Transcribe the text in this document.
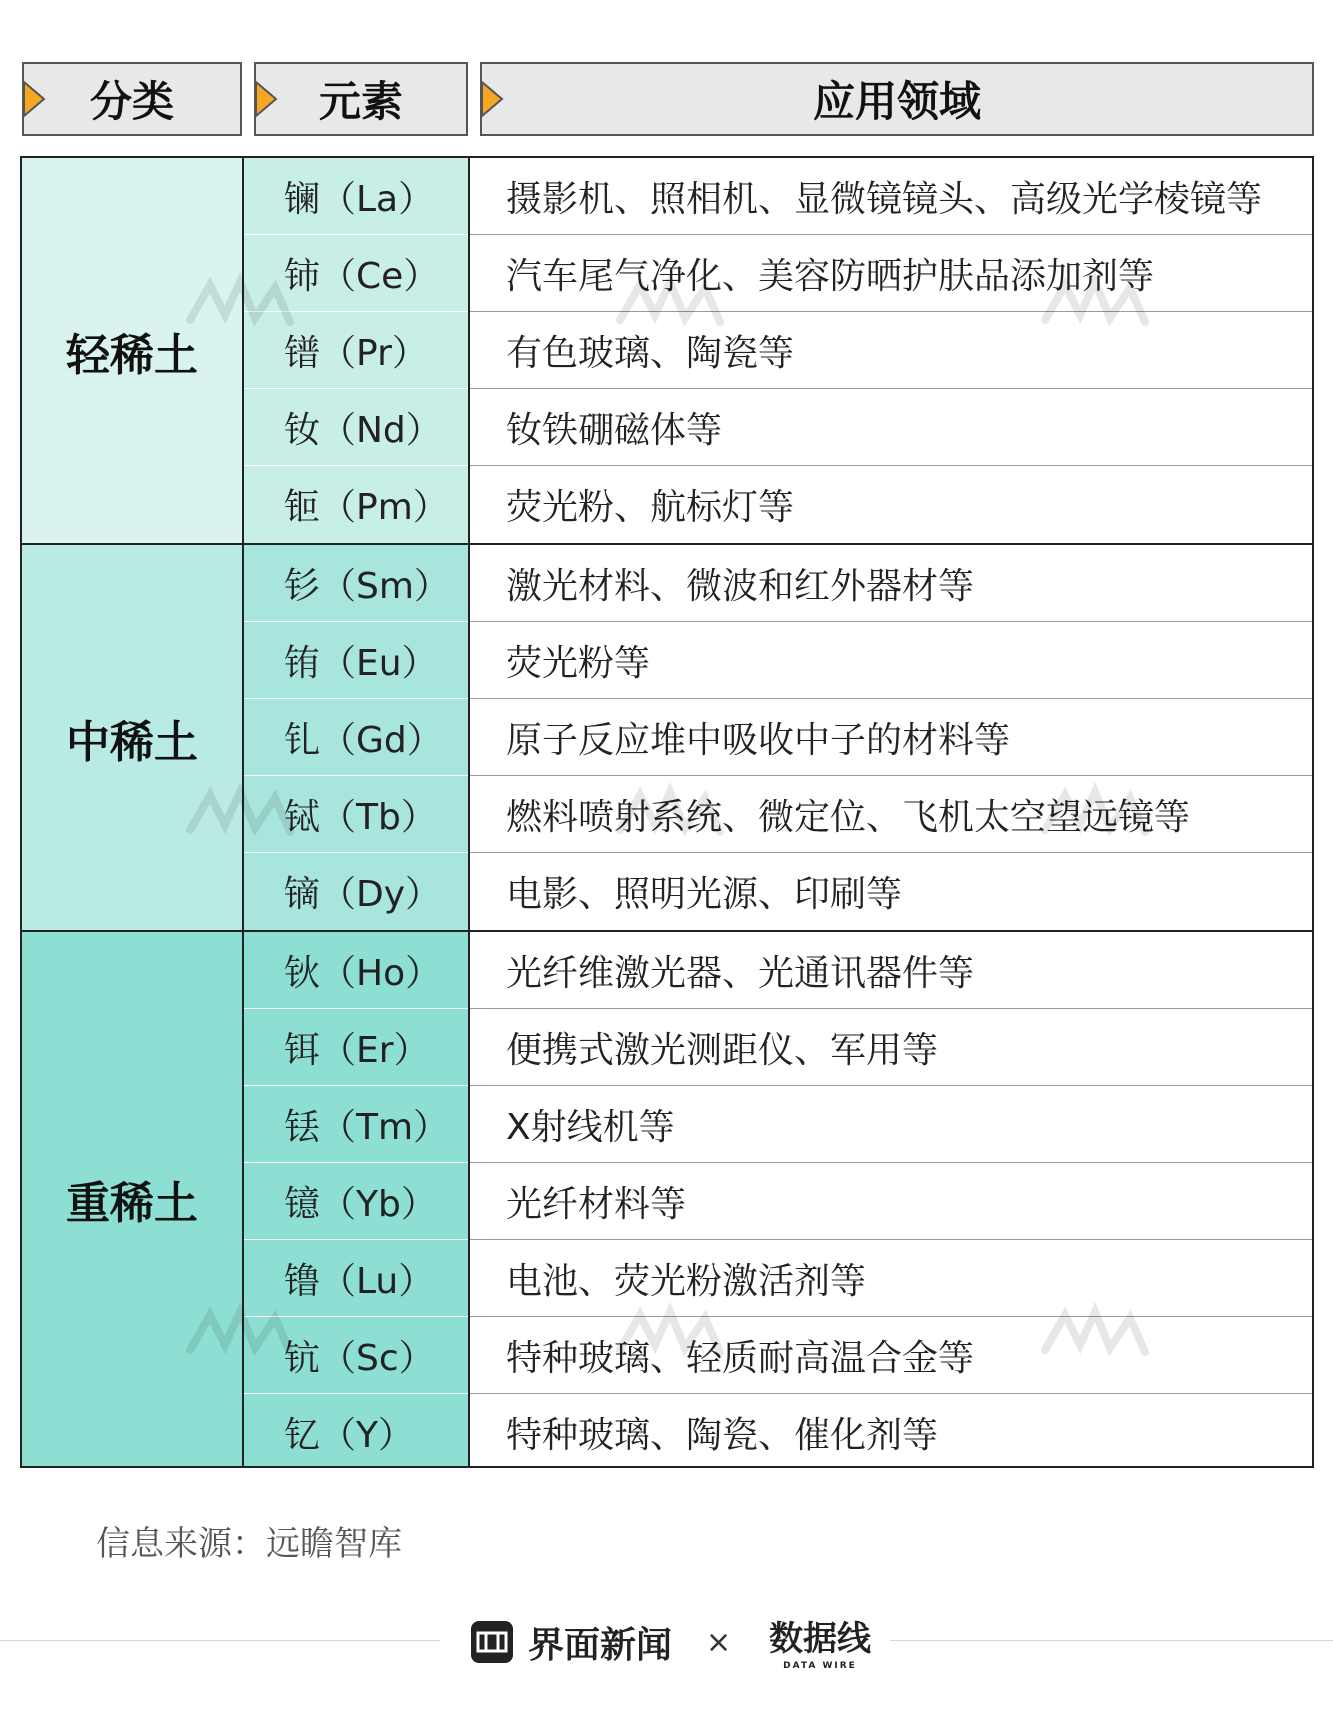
分类	元素	应用领域
轻稀土
镧（La）
铈（Ce）
镨（Pr）
钕（Nd）
钷（Pm）
摄影机、照相机、显微镜镜头、高级光学棱镜等
汽车尾气净化、美容防晒护肤品添加剂等
有色玻璃、陶瓷等
钕铁硼磁体等
荧光粉、航标灯等
中稀土
钐（Sm）
铕（Eu）
钆（Gd）
铽（Tb）
镝（Dy）
激光材料、微波和红外器材等
荧光粉等
原子反应堆中吸收中子的材料等
燃料喷射系统、微定位、飞机太空望远镜等
电影、照明光源、印刷等
重稀土
钬（Ho）
铒（Er）
铥（Tm）
镱（Yb）
镥（Lu）
钪（Sc）
钇（Y）
光纤维激光器、光通讯器件等
便携式激光测距仪、军用等
X射线机等
光纤材料等
电池、荧光粉激活剂等
特种玻璃、轻质耐高温合金等
特种玻璃、陶瓷、催化剂等
信息来源：远瞻智库
界面新闻 × 数据线
DATA WIRE
